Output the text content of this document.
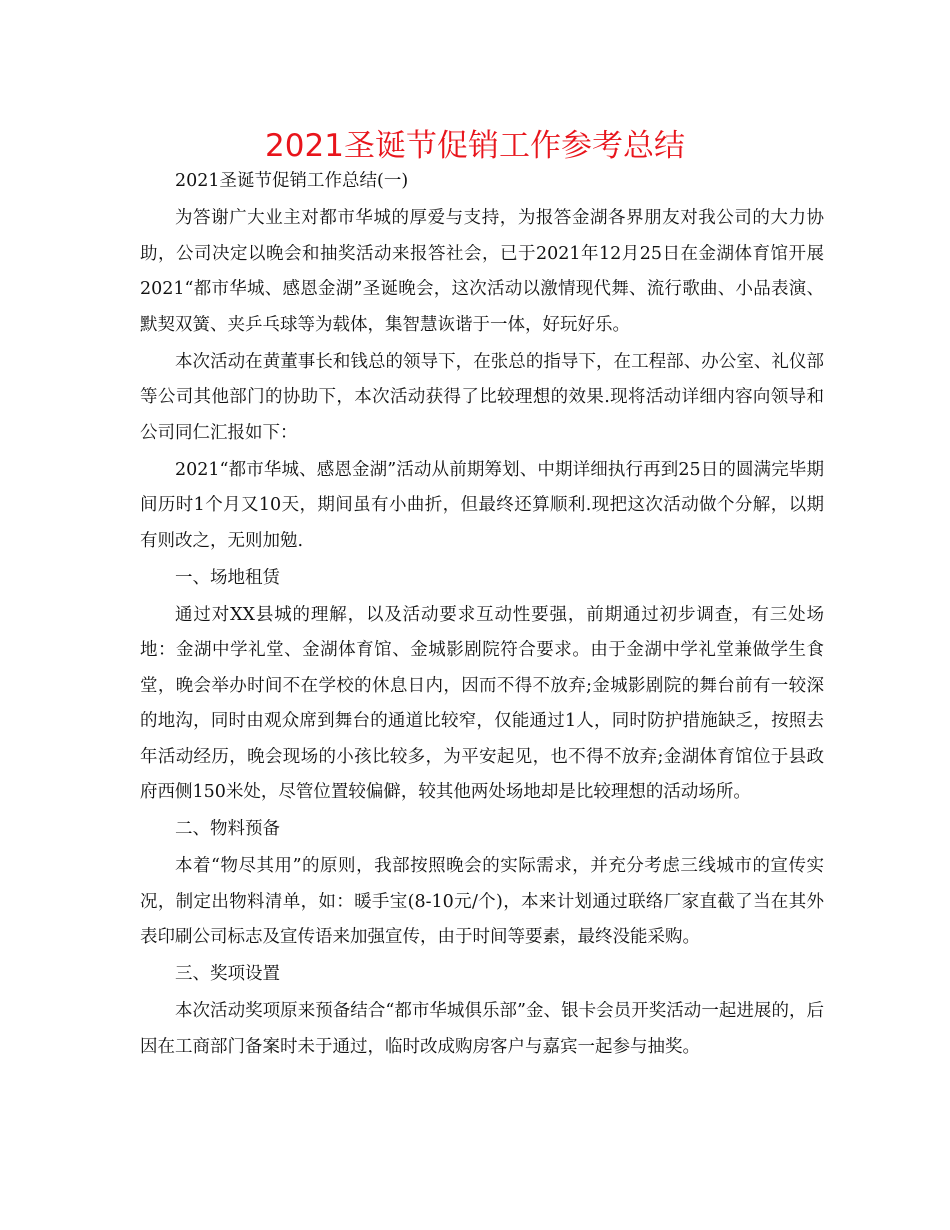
2021圣诞节促销工作参考总结
2021圣诞节促销工作总结(一)

为答谢广大业主对都市华城的厚爱与支持，为报答金湖各界朋友对我公司的大力协助，公司决定以晚会和抽奖活动来报答社会，已于2021年12月25日在金湖体育馆开展2021“都市华城、感恩金湖”圣诞晚会，这次活动以激情现代舞、流行歌曲、小品表演、默契双簧、夹乒乓球等为载体，集智慧诙谐于一体，好玩好乐。

本次活动在黄董事长和钱总的领导下，在张总的指导下，在工程部、办公室、礼仪部等公司其他部门的协助下，本次活动获得了比较理想的效果.现将活动详细内容向领导和公司同仁汇报如下：

2021“都市华城、感恩金湖”活动从前期筹划、中期详细执行再到25日的圆满完毕期间历时1个月又10天，期间虽有小曲折，但最终还算顺利.现把这次活动做个分解，以期有则改之，无则加勉.

一、场地租赁

通过对XX县城的理解，以及活动要求互动性要强，前期通过初步调查，有三处场地：金湖中学礼堂、金湖体育馆、金城影剧院符合要求。由于金湖中学礼堂兼做学生食堂，晚会举办时间不在学校的休息日内，因而不得不放弃;金城影剧院的舞台前有一较深的地沟，同时由观众席到舞台的通道比较窄，仅能通过1人，同时防护措施缺乏，按照去年活动经历，晚会现场的小孩比较多，为平安起见，也不得不放弃;金湖体育馆位于县政府西侧150米处，尽管位置较偏僻，较其他两处场地却是比较理想的活动场所。

二、物料预备

本着“物尽其用”的原则，我部按照晚会的实际需求，并充分考虑三线城市的宣传实况，制定出物料清单，如：暖手宝(8-10元/个)，本来计划通过联络厂家直截了当在其外表印刷公司标志及宣传语来加强宣传，由于时间等要素，最终没能采购。

三、奖项设置

本次活动奖项原来预备结合“都市华城俱乐部”金、银卡会员开奖活动一起进展的，后因在工商部门备案时未于通过，临时改成购房客户与嘉宾一起参与抽奖。
